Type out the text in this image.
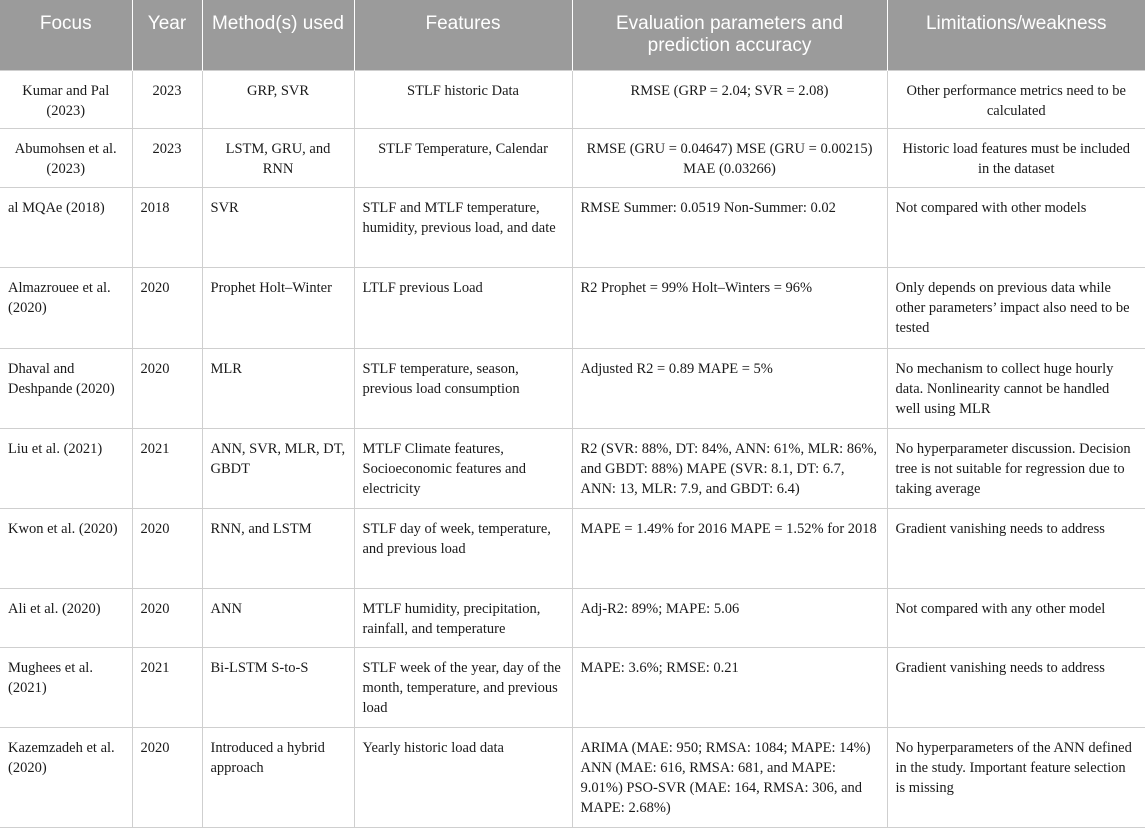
Focus	Year	Method(s) used	Features	Evaluation parameters and prediction accuracy	Limitations/weakness
Kumar and Pal (2023)	2023	GRP, SVR	STLF historic Data	RMSE (GRP = 2.04; SVR = 2.08)	Other performance metrics need to be calculated
Abumohsen et al. (2023)	2023	LSTM, GRU, and RNN	STLF Temperature, Calendar	RMSE (GRU = 0.04647) MSE (GRU = 0.00215) MAE (0.03266)	Historic load features must be included in the dataset
al MQAe (2018)	2018	SVR	STLF and MTLF temperature, humidity, previous load, and date	RMSE Summer: 0.0519 Non-Summer: 0.02	Not compared with other models
Almazrouee et al. (2020)	2020	Prophet Holt–Winter	LTLF previous Load	R2 Prophet = 99% Holt–Winters = 96%	Only depends on previous data while other parameters’ impact also need to be tested
Dhaval and Deshpande (2020)	2020	MLR	STLF temperature, season, previous load consumption	Adjusted R2 = 0.89 MAPE = 5%	No mechanism to collect huge hourly data. Nonlinearity cannot be handled well using MLR
Liu et al. (2021)	2021	ANN, SVR, MLR, DT, GBDT	MTLF Climate features, Socioeconomic features and electricity	R2 (SVR: 88%, DT: 84%, ANN: 61%, MLR: 86%, and GBDT: 88%) MAPE (SVR: 8.1, DT: 6.7, ANN: 13, MLR: 7.9, and GBDT: 6.4)	No hyperparameter discussion. Decision tree is not suitable for regression due to taking average
Kwon et al. (2020)	2020	RNN, and LSTM	STLF day of week, temperature, and previous load	MAPE = 1.49% for 2016 MAPE = 1.52% for 2018	Gradient vanishing needs to address
Ali et al. (2020)	2020	ANN	MTLF humidity, precipitation, rainfall, and temperature	Adj-R2: 89%; MAPE: 5.06	Not compared with any other model
Mughees et al. (2021)	2021	Bi-LSTM S-to-S	STLF week of the year, day of the month, temperature, and previous load	MAPE: 3.6%; RMSE: 0.21	Gradient vanishing needs to address
Kazemzadeh et al. (2020)	2020	Introduced a hybrid approach	Yearly historic load data	ARIMA (MAE: 950; RMSA: 1084; MAPE: 14%) ANN (MAE: 616, RMSA: 681, and MAPE: 9.01%) PSO-SVR (MAE: 164, RMSA: 306, and MAPE: 2.68%)	No hyperparameters of the ANN defined in the study. Important feature selection is missing
